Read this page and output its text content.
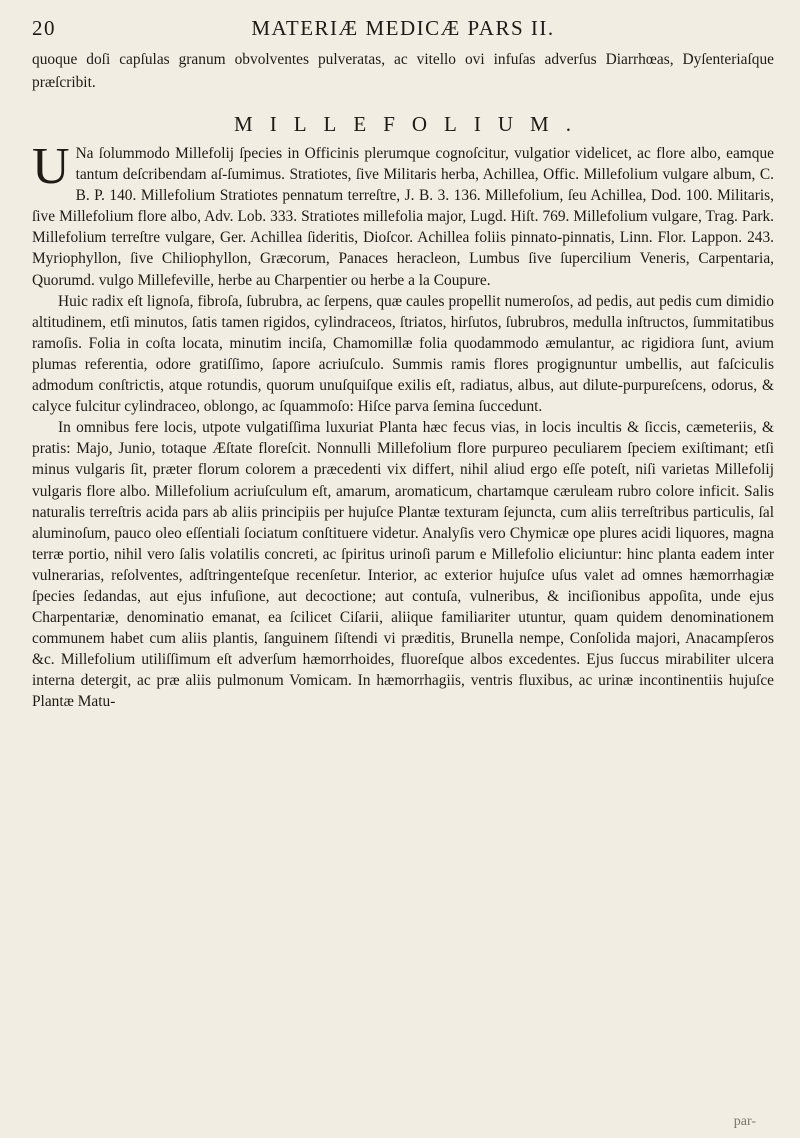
20	MATERIÆ MEDICÆ PARS II.

quoque doſi capſulas granum obvolventes pulveratas, ac vitello ovi infuſas adverſus Diarrhœas, Dyſenteriaſque præſcribit.

MILLEFOLIUM.

U Na ſolummodo Millefolij ſpecies in Officinis plerumque cognoſcitur, vulgatior videlicet, ac flore albo, eamque tantum deſcribendam aſ-ſumimus. Stratiotes, ſive Militaris herba, Achillea, Offic. Millefolium vulgare album, C. B. P. 140. Millefolium Stratiotes pennatum terreſtre, J. B. 3. 136. Millefolium, ſeu Achillea, Dod. 100. Militaris, ſive Millefolium flore albo, Adv. Lob. 333. Stratiotes millefolia major, Lugd. Hiſt. 769. Millefolium vulgare, Trag. Park. Millefolium terreſtre vulgare, Ger. Achillea ſideritis, Dioſcor. Achillea foliis pinnato-pinnatis, Linn. Flor. Lappon. 243. Myriophyllon, ſive Chiliophyllon, Græcorum, Panaces heracleon, Lumbus ſive ſupercilium Veneris, Carpentaria, Quorumd. vulgo Millefeville, herbe au Charpentier ou herbe a la Coupure.

Huic radix eſt lignoſa, fibroſa, ſubrubra, ac ſerpens, quæ caules propellit numeroſos, ad pedis, aut pedis cum dimidio altitudinem, etſi minutos, ſatis tamen rigidos, cylindraceos, ſtriatos, hirſutos, ſubrubros, medulla inſtructos, ſummitatibus ramoſis. Folia in coſta locata, minutim inciſa, Chamomillæ folia quodammodo æmulantur, ac rigidiora ſunt, avium plumas referentia, odore gratiſſimo, ſapore acriuſculo. Summis ramis flores progignuntur umbellis, aut faſciculis admodum conſtrictis, atque rotundis, quorum unuſquiſque exilis eſt, radiatus, albus, aut dilute-purpureſcens, odorus, & calyce fulcitur cylindraceo, oblongo, ac ſquammoſo: Hiſce parva ſemina ſuccedunt.

In omnibus fere locis, utpote vulgatiſſima luxuriat Planta hæc fecus vias, in locis incultis & ſiccis, cæmeteriis, & pratis: Majo, Junio, totaque Æſtate floreſcit. Nonnulli Millefolium flore purpureo peculiarem ſpeciem exiſtimant; etſi minus vulgaris ſit, præter florum colorem a præcedenti vix differt, nihil aliud ergo eſſe poteſt, niſi varietas Millefolij vulgaris flore albo. Millefolium acriuſculum eſt, amarum, aromaticum, chartamque cæruleam rubro colore inficit. Salis naturalis terreſtris acida pars ab aliis principiis per hujuſce Plantæ texturam ſejuncta, cum aliis terreſtribus particulis, ſal aluminoſum, pauco oleo eſſentiali ſociatum conſtituere videtur. Analyſis vero Chymicæ ope plures acidi liquores, magna terræ portio, nihil vero ſalis volatilis concreti, ac ſpiritus urinoſi parum e Millefolio eliciuntur: hinc planta eadem inter vulnerarias, reſolventes, adſtringenteſque recenſetur. Interior, ac exterior hujuſce uſus valet ad omnes hæmorrhagiæ ſpecies ſedandas, aut ejus infuſione, aut decoctione; aut contuſa, vulneribus, & inciſionibus appoſita, unde ejus Charpentariæ, denominatio emanat, ea ſcilicet Ciſarii, aliique familiariter utuntur, quam quidem denominationem communem habet cum aliis plantis, ſanguinem ſiſtendi vi præditis, Brunella nempe, Conſolida majori, Anacampſeros &c. Millefolium utiliſſimum eſt adverſum hæmorrhoides, fluoreſque albos excedentes. Ejus ſuccus mirabiliter ulcera interna detergit, ac præ aliis pulmonum Vomicam. In hæmorrhagiis, ventris fluxibus, ac urinæ incontinentiis hujuſce Plantæ Matu-

par-
